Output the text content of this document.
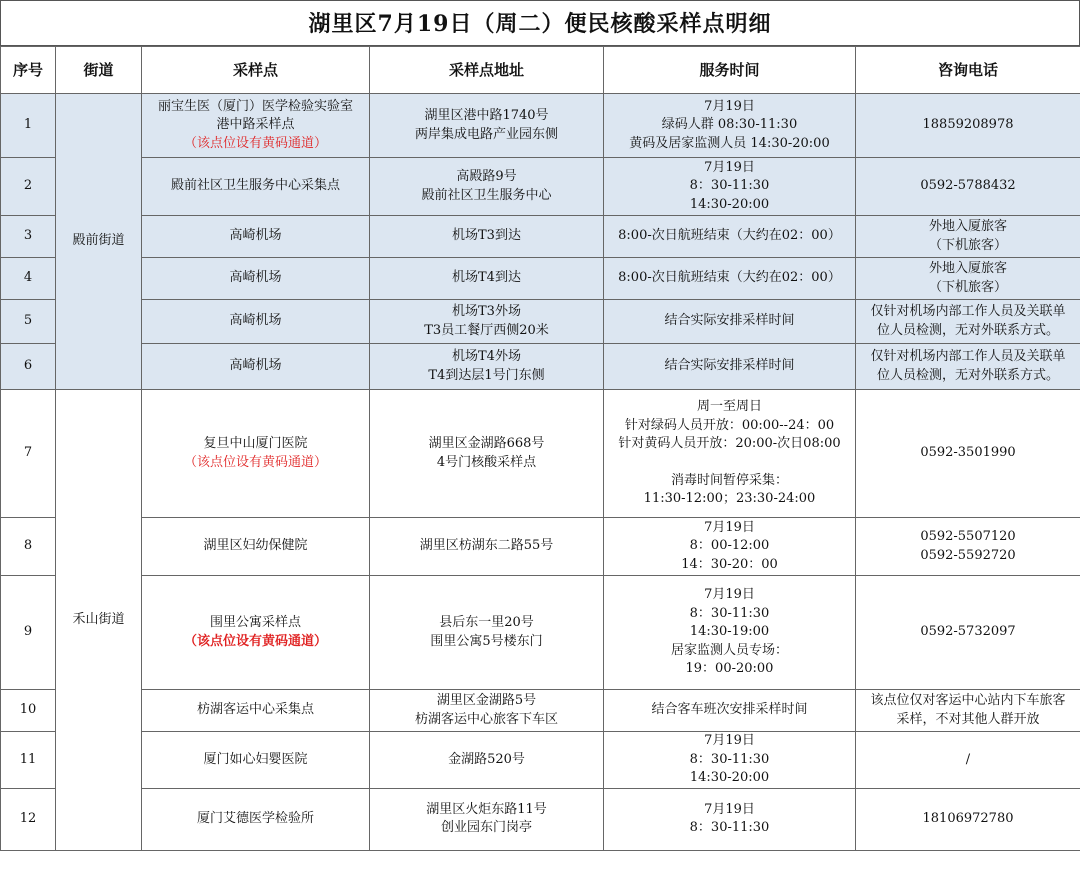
湖里区7月19日（周二）便民核酸采样点明细
序号	街道	采样点	采样点地址	服务时间	咨询电话
1	殿前街道	丽宝生医（厦门）医学检验实验室
港中路采样点
（该点位设有黄码通道）	湖里区港中路1740号
两岸集成电路产业园东侧	7月19日
绿码人群 08:30-11:30
黄码及居家监测人员 14:30-20:00	18859208978

2		殿前社区卫生服务中心采集点	高殿路9号
殿前社区卫生服务中心	7月19日
8：30-11:30
14:30-20:00	0592-5788432

3		高崎机场	机场T3到达	8:00-次日航班结束（大约在02：00）	外地入厦旅客
（下机旅客）

4		高崎机场	机场T4到达	8:00-次日航班结束（大约在02：00）	外地入厦旅客
（下机旅客）

5		高崎机场	机场T3外场
T3员工餐厅西侧20米	结合实际安排采样时间	仅针对机场内部工作人员及关联单
位人员检测，无对外联系方式。

6		高崎机场	机场T4外场
T4到达层1号门东侧	结合实际安排采样时间	仅针对机场内部工作人员及关联单
位人员检测，无对外联系方式。

7	禾山街道	复旦中山厦门医院
（该点位设有黄码通道）	湖里区金湖路668号
4号门核酸采样点	周一至周日
针对绿码人员开放：00:00--24：00
针对黄码人员开放：20:00-次日08:00
消毒时间暂停采集：
11:30-12:00；23:30-24:00	0592-3501990

8		湖里区妇幼保健院	湖里区枋湖东二路55号	7月19日
8：00-12:00
14：30-20：00	0592-5507120
0592-5592720

9		围里公寓采样点
（该点位设有黄码通道）	县后东一里20号
围里公寓5号楼东门	7月19日
8：30-11:30
14:30-19:00
居家监测人员专场：
19：00-20:00	0592-5732097

10		枋湖客运中心采集点	湖里区金湖路5号
枋湖客运中心旅客下车区	结合客车班次安排采样时间	该点位仅对客运中心站内下车旅客
采样，不对其他人群开放

11		厦门如心妇婴医院	金湖路520号	7月19日
8：30-11:30
14:30-20:00	/

12		厦门艾德医学检验所	湖里区火炬东路11号
创业园东门岗亭	7月19日
8：30-11:30	18106972780
